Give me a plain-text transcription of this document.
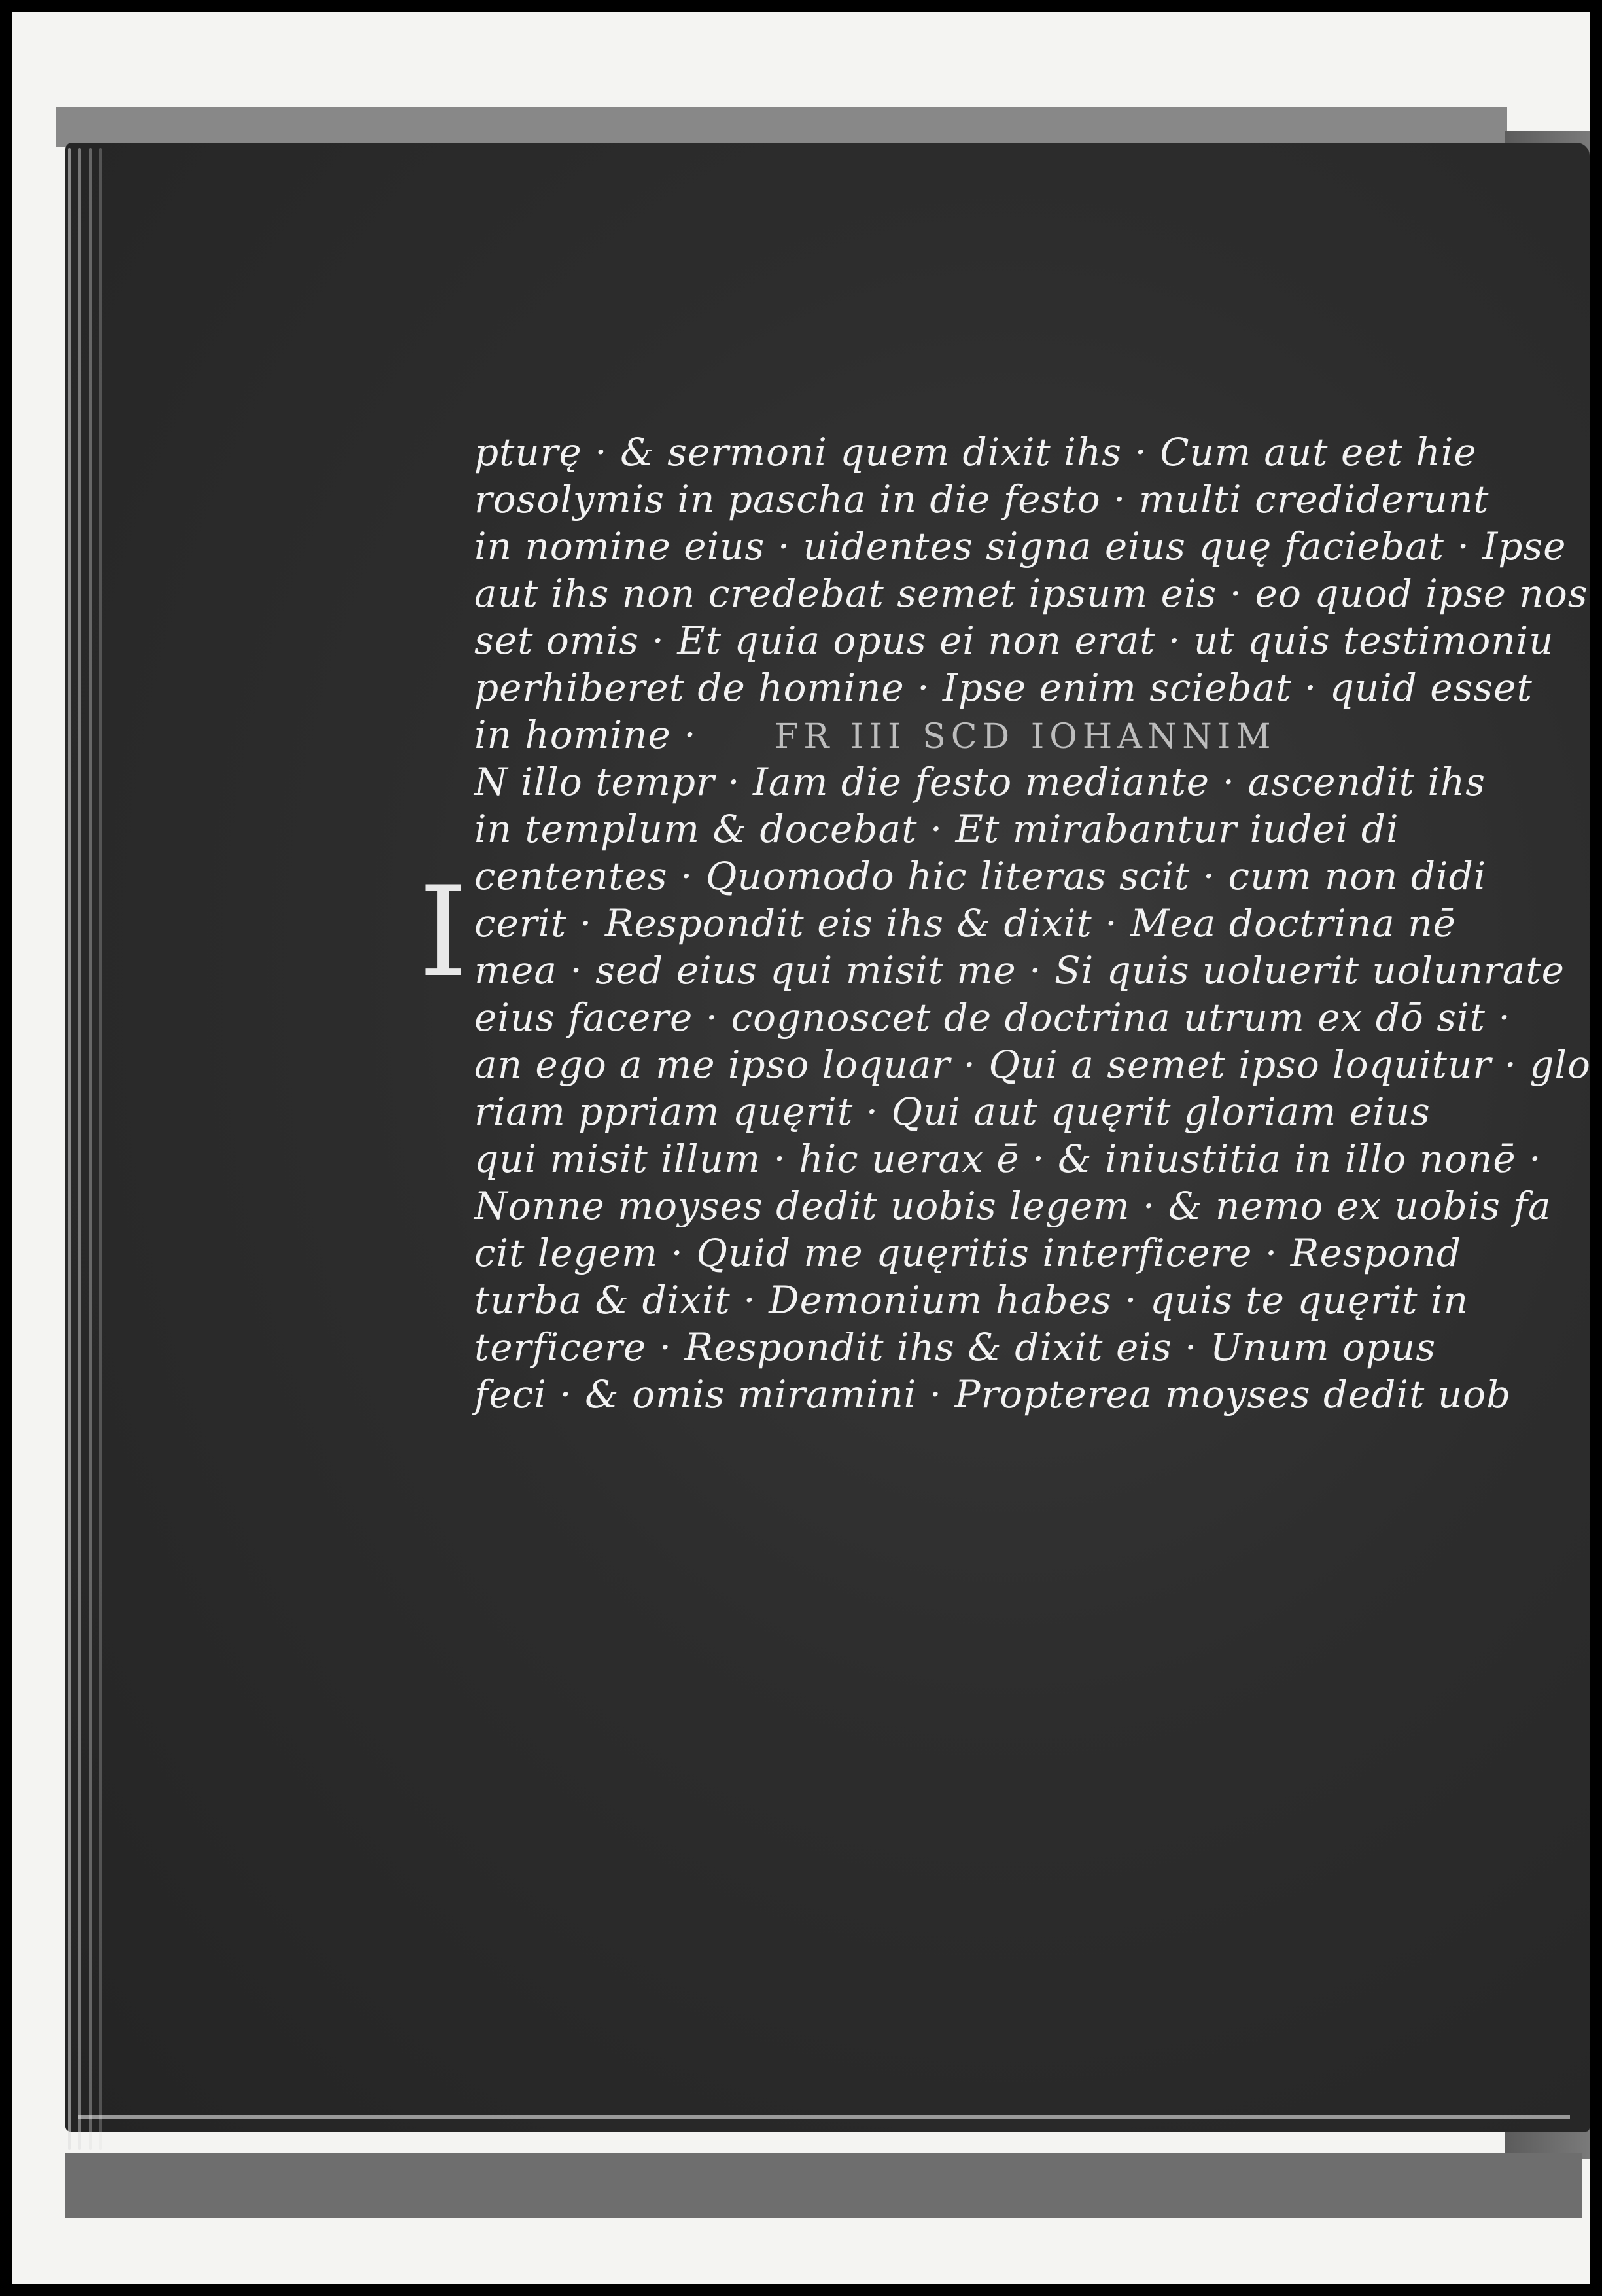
I
pturę · & sermoni quem dixit ihs · Cum aut eet hie
rosolymis in pascha in die festo · multi crediderunt
in nomine eius · uidentes signa eius quę faciebat · Ipse
aut ihs non credebat semet ipsum eis · eo quod ipse nos
set omis · Et quia opus ei non erat · ut quis testimoniu
perhiberet de homine · Ipse enim sciebat · quid esset
in homine · FR III SCD IOHANNIM
N illo tempr · Iam die festo mediante · ascendit ihs
in templum & docebat · Et mirabantur iudei di
cententes · Quomodo hic literas scit · cum non didi
cerit · Respondit eis ihs & dixit · Mea doctrina nē
mea · sed eius qui misit me · Si quis uoluerit uolunrate
eius facere · cognoscet de doctrina utrum ex dō sit ·
an ego a me ipso loquar · Qui a semet ipso loquitur · glo
riam ppriam quęrit · Qui aut quęrit gloriam eius
qui misit illum · hic uerax ē · & iniustitia in illo nonē ·
Nonne moyses dedit uobis legem · & nemo ex uobis fa
cit legem · Quid me quęritis interficere · Respond
turba & dixit · Demonium habes · quis te quęrit in
terficere · Respondit ihs & dixit eis · Unum opus
feci · & omis miramini · Propterea moyses dedit uob
